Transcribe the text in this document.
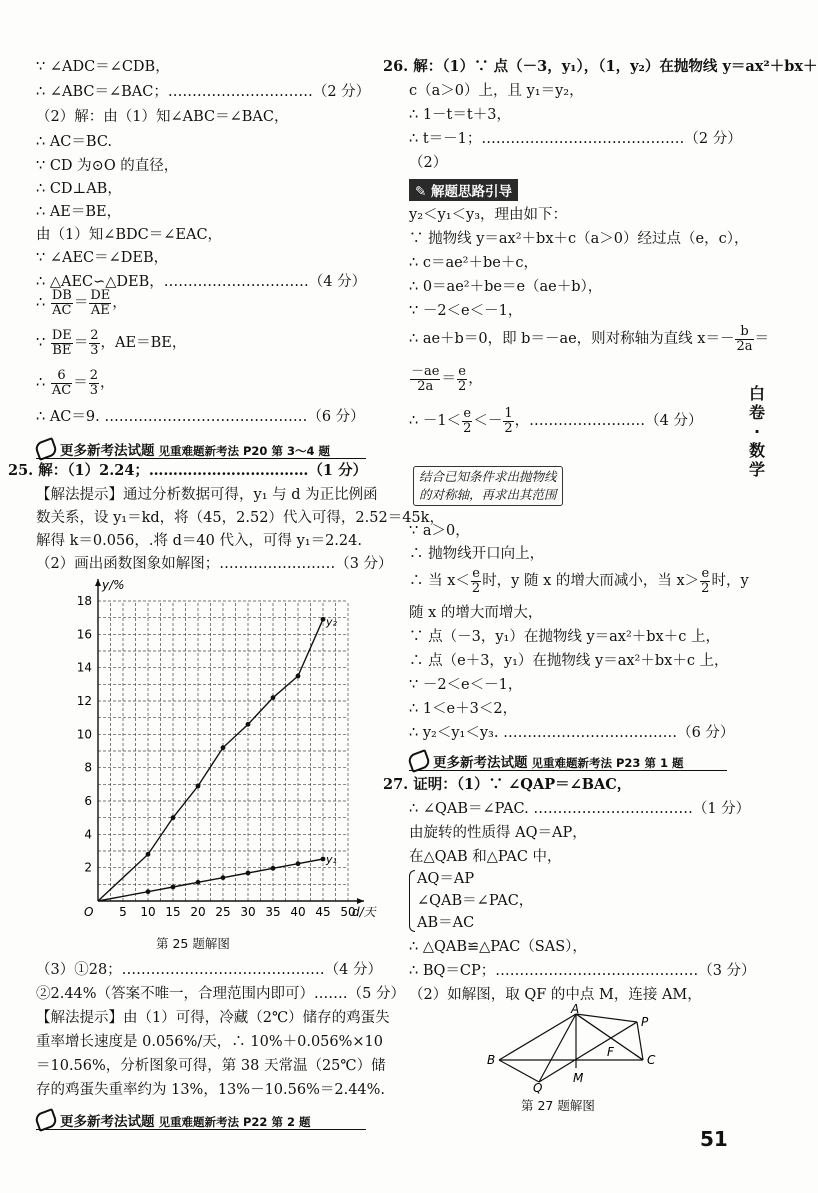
∵ ∠ADC＝∠CDB，
∴ ∠ABC＝∠BAC；…………………………（2 分）
（2）解：由（1）知∠ABC＝∠BAC，
∴ AC＝BC.
∵ CD 为⊙O 的直径，
∴ CD⊥AB，
∴ AE＝BE，
由（1）知∠BDC＝∠EAC，
∵ ∠AEC＝∠DEB，
∴ △AEC∽△DEB，…………………………（4 分）
∴ $\frac{DB}{AC} = \frac{DE}{AE}$ ，
∵ $\frac{DE}{BE} = \frac{2}{3}$ ，AE＝BE，
∴ $\frac{6}{AC} = \frac{2}{3}$ ，
∴ AC＝9. ……………………………………（6 分）
更多新考法试题 见重难题新考法 P20 第 3～4 题
25. 解：（1）2.24；……………………………（1 分）
【解法提示】通过分析数据可得，y₁ 与 d 为正比例函
数关系，设 y₁＝kd，将（45，2.52）代入可得，2.52＝45k，
解得 k＝0.056，.将 d＝40 代入，可得 y₁＝2.24.
（2）画出函数图象如解图；……………………（3 分）
5 10 15 20 25 30 35 40 45 50
2
4
6
8
10
12
14
16
18
O	d/天
y/%
y₂
y₁
第 25 题解图
（3）①28；……………………………………（4 分）
②2.44%（答案不唯一，合理范围内即可）.……（5 分）
【解法提示】由（1）可得，冷藏（2℃）储存的鸡蛋失
重率增长速度是 0.056%/天，∴ 10%＋0.056%×10
＝10.56%，分析图象可得，第 38 天常温（25℃）储
存的鸡蛋失重率约为 13%，13%－10.56%＝2.44%.
更多新考法试题 见重难题新考法 P22 第 2 题
26. 解：（1）∵ 点（－3，y₁），（1，y₂）在抛物线 y＝ax²＋bx＋
c（a＞0）上，且 y₁＝y₂，
∴ 1－t＝t＋3，
∴ t＝－1；……………………………………（2 分）
（2）
✎ 解题思路引导
y₂＜y₁＜y₃，理由如下：
∵ 抛物线 y＝ax²＋bx＋c（a＞0）经过点（e，c），
∴ c＝ae²＋be＋c，
∴ 0＝ae²＋be＝e（ae＋b），
∵ －2＜e＜－1，
∴ ae＋b＝0，即 b＝－ae，则对称轴为直线 $x=- \frac{b}{2a}$ ＝
$\frac{-ae}{2a} = \frac{e}{2}$ ，
∴ $-1< \frac{e}{2} <- \frac{1}{2}$ ，……………………（4 分）
结合已知条件求出抛物线
的对称轴，再求出其范围
∵ a＞0，
∴ 抛物线开口向上，
∴ 当 $x< \frac{e}{2}$ 时，y 随 x 的增大而减小，当 $x> \frac{e}{2}$ 时，y
随 x 的增大而增大，
∵ 点（－3，y₁）在抛物线 y＝ax²＋bx＋c 上，
∴ 点（e＋3，y₁）在抛物线 y＝ax²＋bx＋c 上，
∵ －2＜e＜－1，
∴ 1＜e＋3＜2，
∴ y₂＜y₁＜y₃. ………………………………（6 分）
更多新考法试题 见重难题新考法 P23 第 1 题
27. 证明：（1）∵ ∠QAP＝∠BAC，
∴ ∠QAB＝∠PAC. ……………………………（1 分）
由旋转的性质得 AQ＝AP，
在△QAB 和△PAC 中，
AQ＝AP
∠QAB＝∠PAC，
AB＝AC
∴ △QAB≌△PAC（SAS），
∴ BQ＝CP；……………………………………（3 分）
（2）如解图，取 QF 的中点 M，连接 AM，
A
P
B
F
C
Q
M
第 27 题解图
白
卷
·
数
学
51
